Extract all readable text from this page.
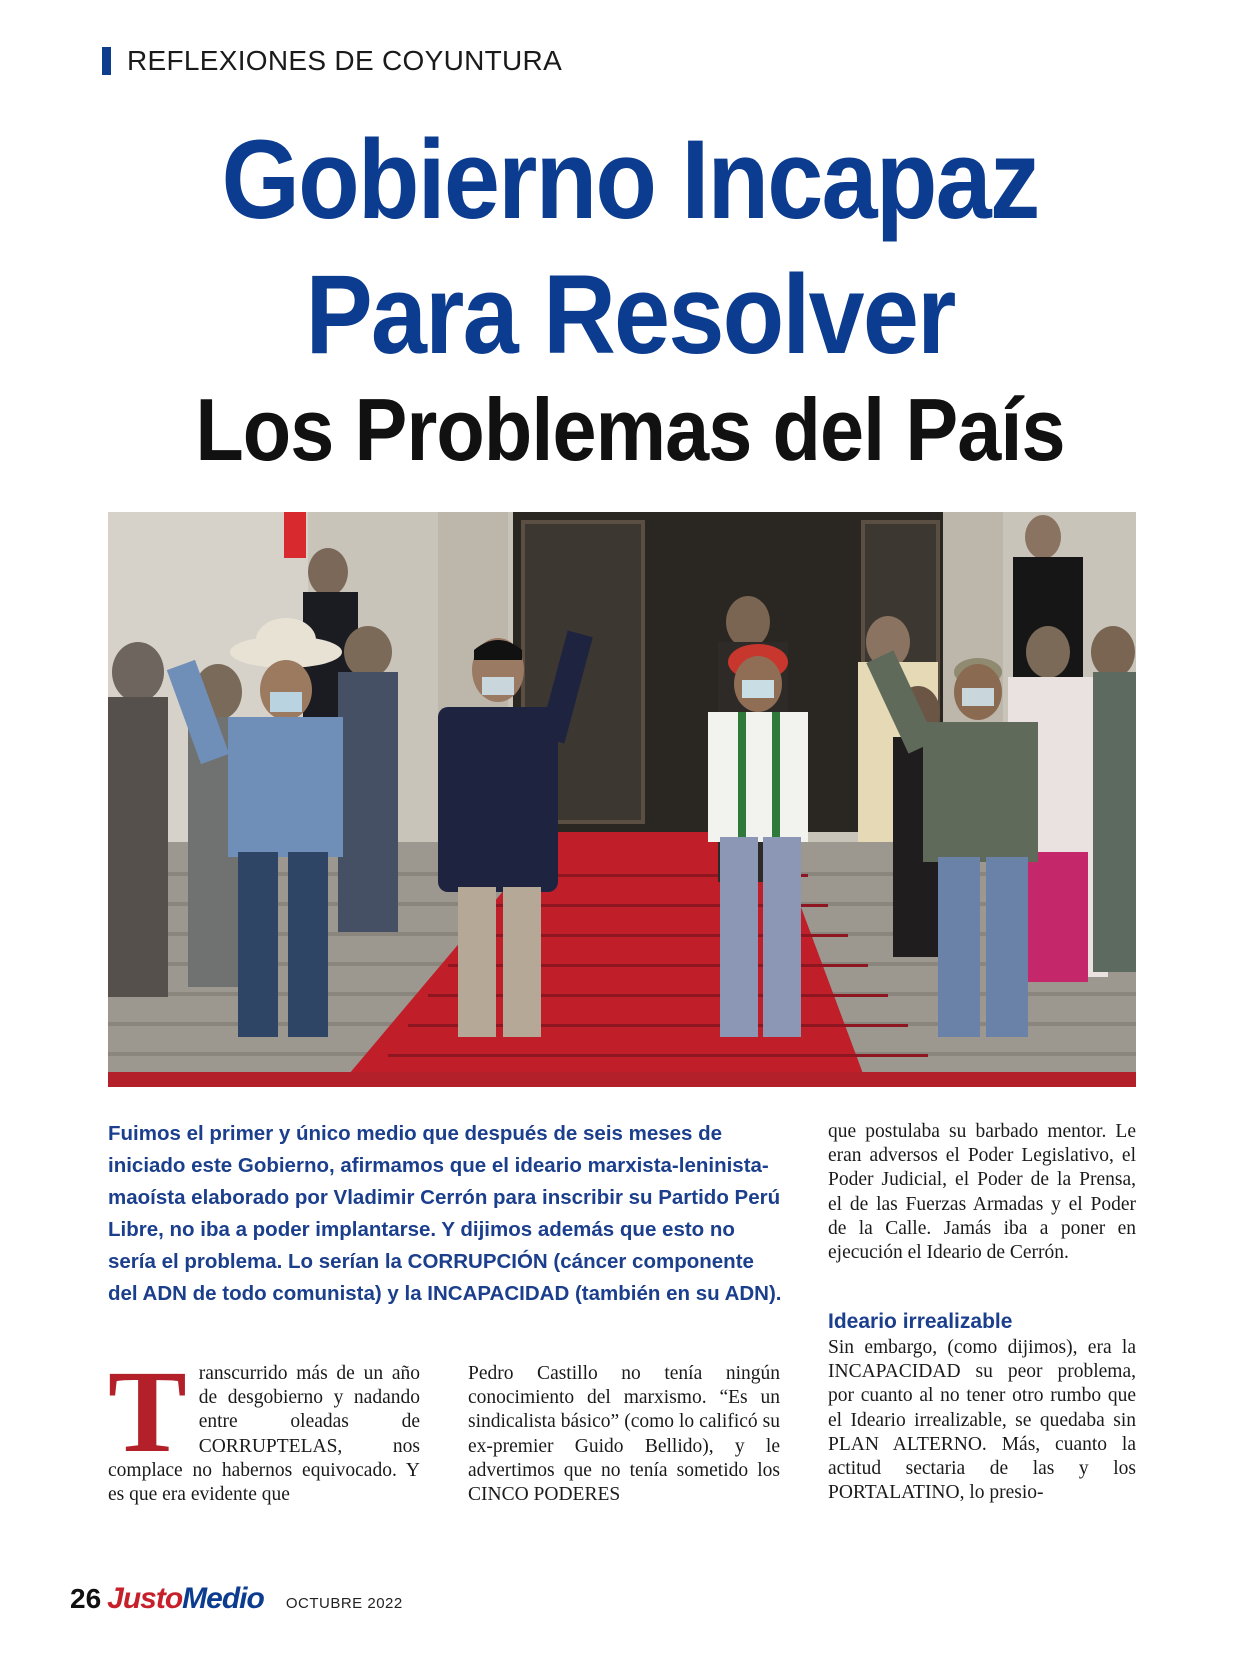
REFLEXIONES DE COYUNTURA
Gobierno Incapaz
Para Resolver
Los Problemas del País

Fuimos el primer y único medio que después de seis meses de iniciado este Gobierno, afirmamos que el ideario marxista-leninista-maoísta elaborado por Vladimir Cerrón para inscribir su Partido Perú Libre, no iba a poder implantarse. Y dijimos además que esto no sería el problema. Lo serían la CORRUPCIÓN (cáncer componente del ADN de todo comunista) y la INCAPACIDAD (también en su ADN).

Transcurrido más de un año de desgobierno y nadando entre oleadas de CORRUPTELAS, nos complace no habernos equivocado. Y es que era evidente que

Pedro Castillo no tenía ningún conocimiento del marxismo. “Es un sindicalista básico” (como lo calificó su ex-premier Guido Bellido), y le advertimos que no tenía sometido los CINCO PODERES

que postulaba su barbado mentor. Le eran adversos el Poder Legislativo, el Poder Judicial, el Poder de la Prensa, el de las Fuerzas Armadas y el Poder de la Calle. Jamás iba a poner en ejecución el Ideario de Cerrón.

Ideario irrealizable

Sin embargo, (como dijimos), era la INCAPACIDAD su peor problema, por cuanto al no tener otro rumbo que el Ideario irrealizable, se quedaba sin PLAN ALTERNO. Más, cuanto la actitud sectaria de las y los PORTALATINO, lo presio-

26 Justo Medio OCTUBRE 2022
